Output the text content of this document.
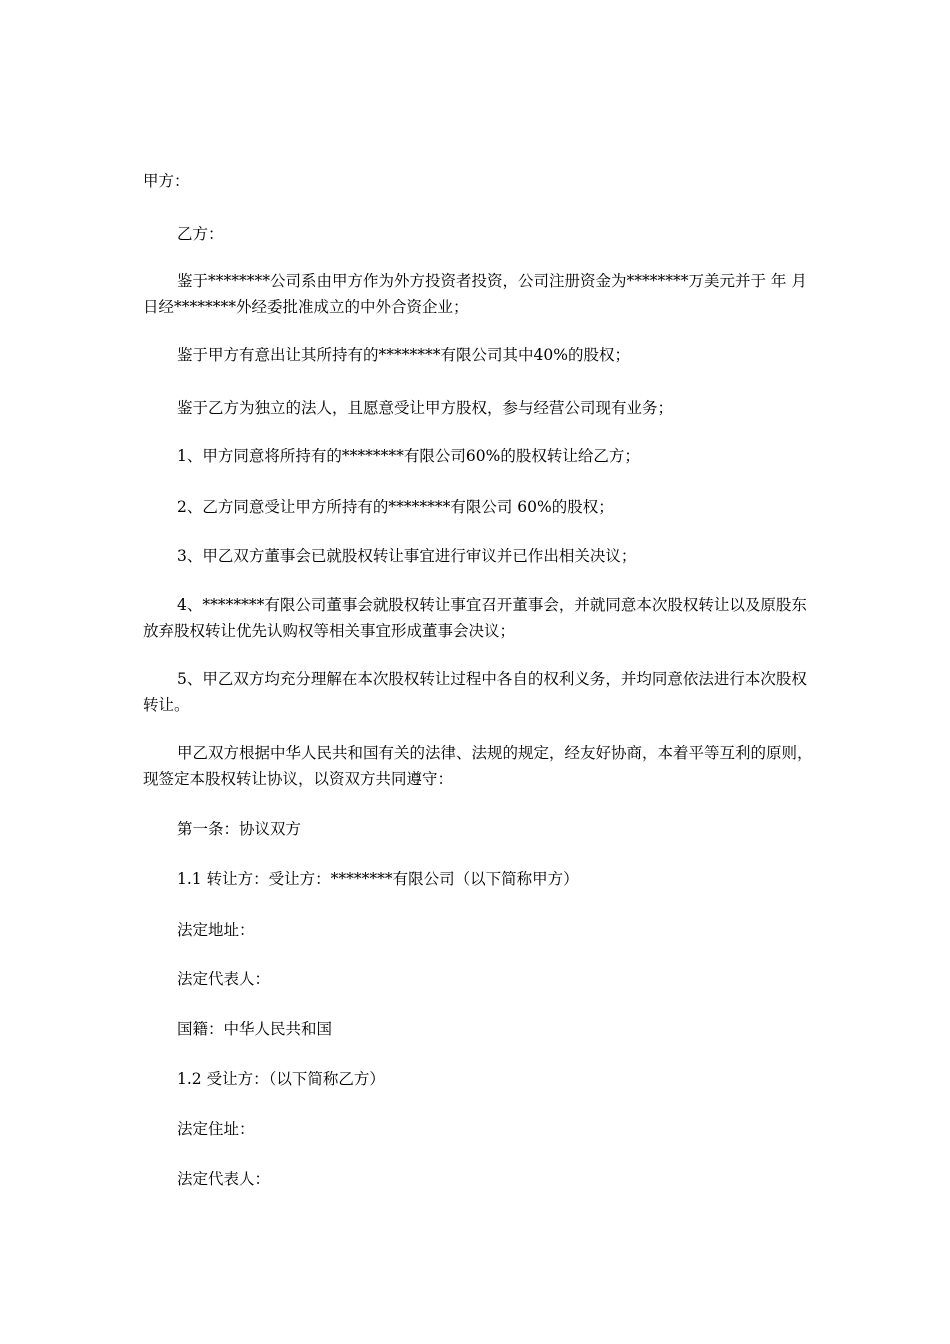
甲方：

乙方：

鉴于********公司系由甲方作为外方投资者投资，公司注册资金为********万美元并于 年 月 日经********外经委批准成立的中外合资企业；

鉴于甲方有意出让其所持有的********有限公司其中40%的股权；

鉴于乙方为独立的法人，且愿意受让甲方股权，参与经营公司现有业务；

1、甲方同意将所持有的********有限公司60%的股权转让给乙方；

2、乙方同意受让甲方所持有的********有限公司 60%的股权；

3、甲乙双方董事会已就股权转让事宜进行审议并已作出相关决议；

4、********有限公司董事会就股权转让事宜召开董事会，并就同意本次股权转让以及原股东放弃股权转让优先认购权等相关事宜形成董事会决议；

5、甲乙双方均充分理解在本次股权转让过程中各自的权利义务，并均同意依法进行本次股权转让。

甲乙双方根据中华人民共和国有关的法律、法规的规定，经友好协商，本着平等互利的原则，现签定本股权转让协议，以资双方共同遵守：

第一条：协议双方

1.1 转让方：受让方：********有限公司（以下简称甲方）

法定地址：

法定代表人：

国籍：中华人民共和国

1.2 受让方：（以下简称乙方）

法定住址：

法定代表人：
